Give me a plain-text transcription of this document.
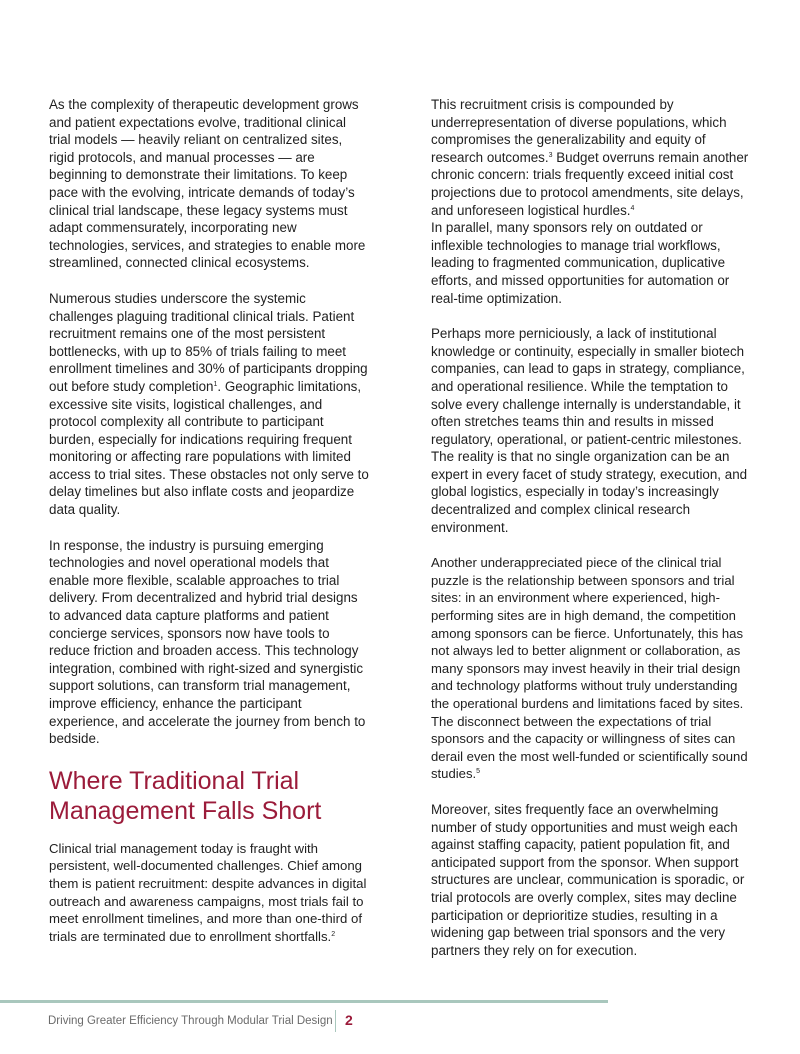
As the complexity of therapeutic development grows and patient expectations evolve, traditional clinical trial models — heavily reliant on centralized sites, rigid protocols, and manual processes — are beginning to demonstrate their limitations. To keep pace with the evolving, intricate demands of today’s clinical trial landscape, these legacy systems must adapt commensurately, incorporating new technologies, services, and strategies to enable more streamlined, connected clinical ecosystems.

Numerous studies underscore the systemic challenges plaguing traditional clinical trials. Patient recruitment remains one of the most persistent bottlenecks, with up to 85% of trials failing to meet enrollment timelines and 30% of participants dropping out before study completion$^1$. Geographic limitations, excessive site visits, logistical challenges, and protocol complexity all contribute to participant burden, especially for indications requiring frequent monitoring or affecting rare populations with limited access to trial sites. These obstacles not only serve to delay timelines but also inflate costs and jeopardize data quality.

In response, the industry is pursuing emerging technologies and novel operational models that enable more flexible, scalable approaches to trial delivery. From decentralized and hybrid trial designs to advanced data capture platforms and patient concierge services, sponsors now have tools to reduce friction and broaden access. This technology integration, combined with right-sized and synergistic support solutions, can transform trial management, improve efficiency, enhance the participant experience, and accelerate the journey from bench to bedside.

Where Traditional Trial Management Falls Short

Clinical trial management today is fraught with persistent, well-documented challenges. Chief among them is patient recruitment: despite advances in digital outreach and awareness campaigns, most trials fail to meet enrollment timelines, and more than one-third of trials are terminated due to enrollment shortfalls.$^2$

This recruitment crisis is compounded by underrepresentation of diverse populations, which compromises the generalizability and equity of research outcomes.$^3$ Budget overruns remain another chronic concern: trials frequently exceed initial cost projections due to protocol amendments, site delays, and unforeseen logistical hurdles.$^4$

In parallel, many sponsors rely on outdated or inflexible technologies to manage trial workflows, leading to fragmented communication, duplicative efforts, and missed opportunities for automation or real-time optimization.

Perhaps more perniciously, a lack of institutional knowledge or continuity, especially in smaller biotech companies, can lead to gaps in strategy, compliance, and operational resilience. While the temptation to solve every challenge internally is understandable, it often stretches teams thin and results in missed regulatory, operational, or patient-centric milestones. The reality is that no single organization can be an expert in every facet of study strategy, execution, and global logistics, especially in today’s increasingly decentralized and complex clinical research environment.

Another underappreciated piece of the clinical trial puzzle is the relationship between sponsors and trial sites: in an environment where experienced, high-performing sites are in high demand, the competition among sponsors can be fierce. Unfortunately, this has not always led to better alignment or collaboration, as many sponsors may invest heavily in their trial design and technology platforms without truly understanding the operational burdens and limitations faced by sites. The disconnect between the expectations of trial sponsors and the capacity or willingness of sites can derail even the most well-funded or scientifically sound studies.$^5$

Moreover, sites frequently face an overwhelming number of study opportunities and must weigh each against staffing capacity, patient population fit, and anticipated support from the sponsor. When support structures are unclear, communication is sporadic, or trial protocols are overly complex, sites may decline participation or deprioritize studies, resulting in a widening gap between trial sponsors and the very partners they rely on for execution.

Driving Greater Efficiency Through Modular Trial Design 2
